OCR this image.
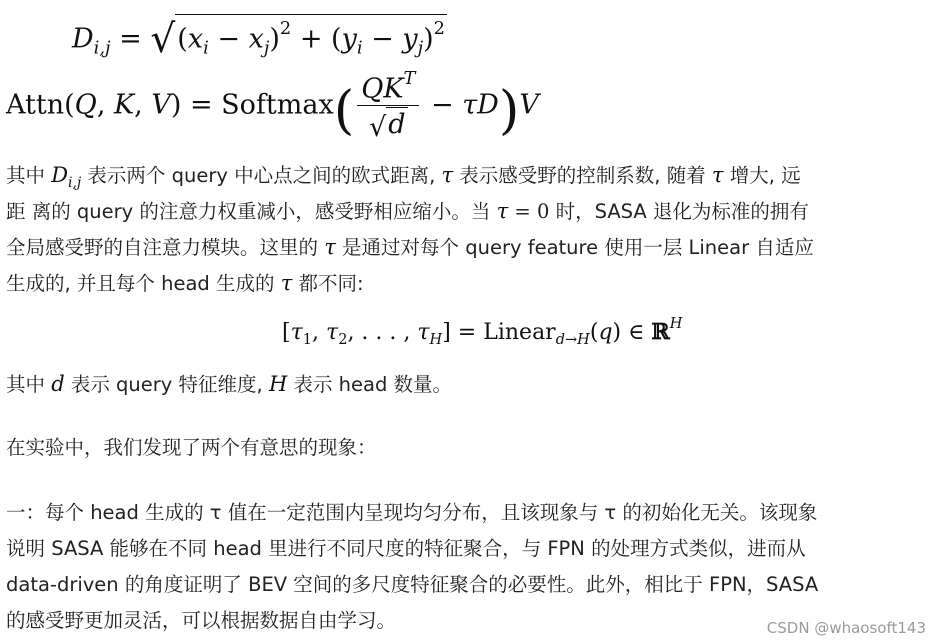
$D_{i,j} = √(x_i - x_j)^2 + (y_i - y_j)^2$
Attn(Q, K, V) = Softmax( $\frac{QK^T}{√d} - \tau D)V$
其中 $D_{i,j}$ 表示两个 query 中心点之间的欧式距离, τ 表示感受野的控制系数, 随着 τ 增大, 远
距 离的 query 的注意力权重减小，感受野相应缩小。当 τ = 0 时，SASA 退化为标准的拥有
全局感受野的自注意力模块。这里的 τ 是通过对每个 query feature 使用一层 Linear 自适应
生成的, 并且每个 head 生成的 τ 都不同:
[$\tau_1$, $\tau_2$, . . . , $\tau_H$] = Linear$_{d\to H}$(q) ∈ ℝ$^H$
其中 d 表示 query 特征维度, H 表示 head 数量。
在实验中，我们发现了两个有意思的现象：
一：每个 head 生成的 τ 值在一定范围内呈现均匀分布，且该现象与 τ 的初始化无关。该现象
说明 SASA 能够在不同 head 里进行不同尺度的特征聚合，与 FPN 的处理方式类似，进而从
data-driven 的角度证明了 BEV 空间的多尺度特征聚合的必要性。此外，相比于 FPN，SASA
的感受野更加灵活，可以根据数据自由学习。	CSDN @whaosoft143
